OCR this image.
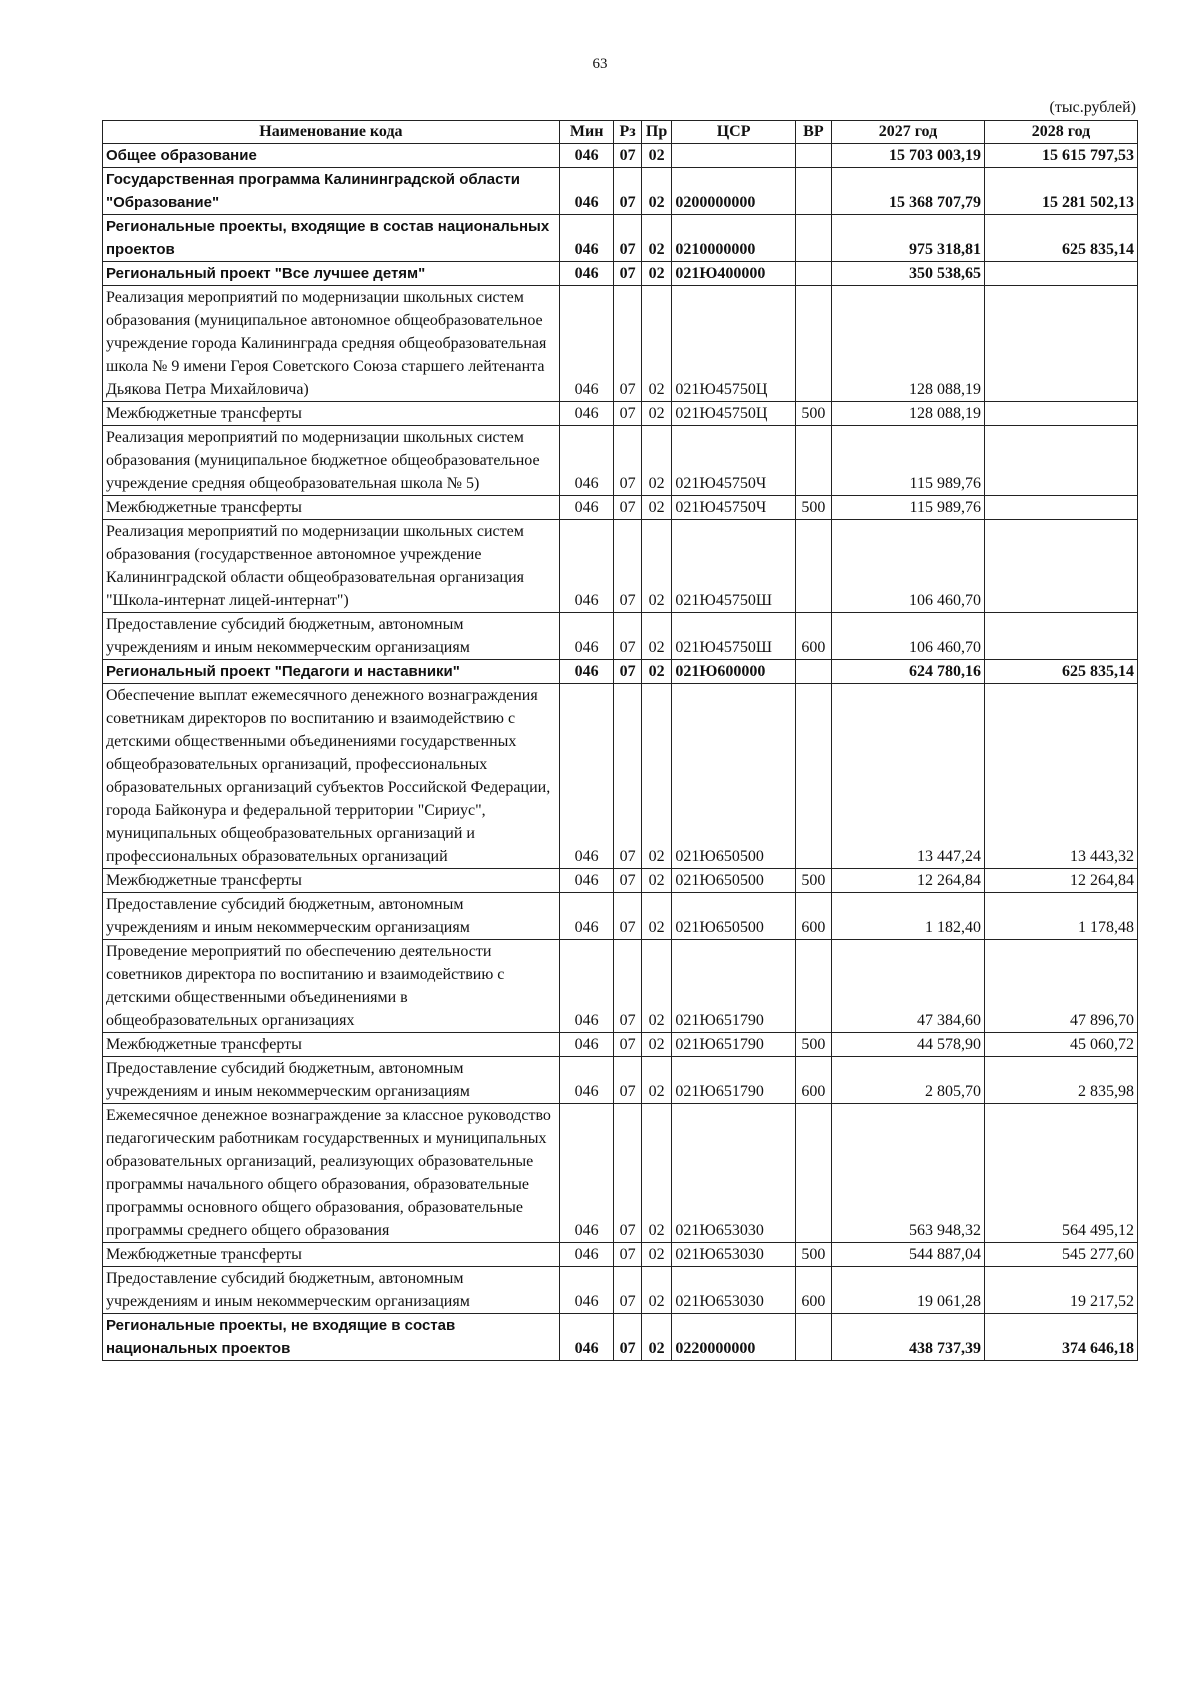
63
(тыс.рублей)
Наименование кода	Мин	Рз	Пр	ЦСР	ВР	2027 год	2028 год
Общее образование	046	07	02			15 703 003,19	15 615 797,53
Государственная программа Калининградской области "Образование"	046	07	02	0200000000		15 368 707,79	15 281 502,13
Региональные проекты, входящие в состав национальных проектов	046	07	02	0210000000		975 318,81	625 835,14
Региональный проект "Все лучшее детям"	046	07	02	021Ю400000		350 538,65	
Реализация мероприятий по модернизации школьных систем образования (муниципальное автономное общеобразовательное учреждение города Калининграда средняя общеобразовательная школа № 9 имени Героя Советского Союза старшего лейтенанта Дьякова Петра Михайловича)	046	07	02	021Ю45750Ц		128 088,19	
Межбюджетные трансферты	046	07	02	021Ю45750Ц	500	128 088,19	
Реализация мероприятий по модернизации школьных систем образования (муниципальное бюджетное общеобразовательное учреждение средняя общеобразовательная школа № 5)	046	07	02	021Ю45750Ч		115 989,76	
Межбюджетные трансферты	046	07	02	021Ю45750Ч	500	115 989,76	
Реализация мероприятий по модернизации школьных систем образования (государственное автономное учреждение Калининградской области общеобразовательная организация "Школа-интернат лицей-интернат")	046	07	02	021Ю45750Ш		106 460,70	
Предоставление субсидий бюджетным, автономным учреждениям и иным некоммерческим организациям	046	07	02	021Ю45750Ш	600	106 460,70	
Региональный проект "Педагоги и наставники"	046	07	02	021Ю600000		624 780,16	625 835,14
Обеспечение выплат ежемесячного денежного вознаграждения советникам директоров по воспитанию и взаимодействию с детскими общественными объединениями государственных общеобразовательных организаций, профессиональных образовательных организаций субъектов Российской Федерации, города Байконура и федеральной территории "Сириус", муниципальных общеобразовательных организаций и профессиональных образовательных организаций	046	07	02	021Ю650500		13 447,24	13 443,32
Межбюджетные трансферты	046	07	02	021Ю650500	500	12 264,84	12 264,84
Предоставление субсидий бюджетным, автономным учреждениям и иным некоммерческим организациям	046	07	02	021Ю650500	600	1 182,40	1 178,48
Проведение мероприятий по обеспечению деятельности советников директора по воспитанию и взаимодействию с детскими общественными объединениями в общеобразовательных организациях	046	07	02	021Ю651790		47 384,60	47 896,70
Межбюджетные трансферты	046	07	02	021Ю651790	500	44 578,90	45 060,72
Предоставление субсидий бюджетным, автономным учреждениям и иным некоммерческим организациям	046	07	02	021Ю651790	600	2 805,70	2 835,98
Ежемесячное денежное вознаграждение за классное руководство педагогическим работникам государственных и муниципальных образовательных организаций, реализующих образовательные программы начального общего образования, образовательные программы основного общего образования, образовательные программы среднего общего образования	046	07	02	021Ю653030		563 948,32	564 495,12
Межбюджетные трансферты	046	07	02	021Ю653030	500	544 887,04	545 277,60
Предоставление субсидий бюджетным, автономным учреждениям и иным некоммерческим организациям	046	07	02	021Ю653030	600	19 061,28	19 217,52
Региональные проекты, не входящие в состав национальных проектов	046	07	02	0220000000		438 737,39	374 646,18
